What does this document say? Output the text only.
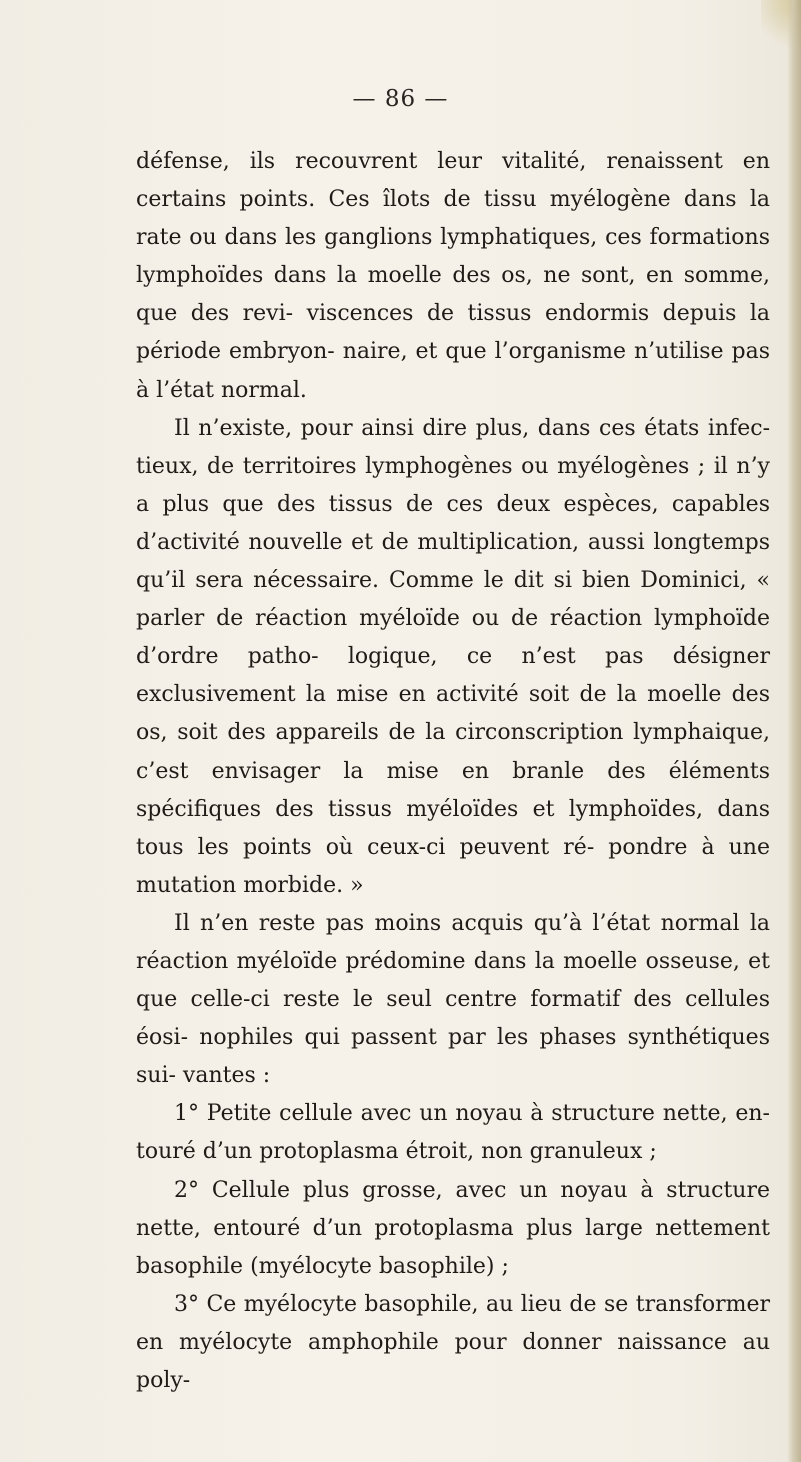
— 86 —

défense, ils recouvrent leur vitalité, renaissent en certains points. Ces îlots de tissu myélogène dans la rate ou dans les ganglions lymphatiques, ces formations lymphoïdes dans la moelle des os, ne sont, en somme, que des revi- viscences de tissus endormis depuis la période embryon- naire, et que l’organisme n’utilise pas à l’état normal.

Il n’existe, pour ainsi dire plus, dans ces états infec- tieux, de territoires lymphogènes ou myélogènes ; il n’y a plus que des tissus de ces deux espèces, capables d’activité nouvelle et de multiplication, aussi longtemps qu’il sera nécessaire. Comme le dit si bien Dominici, « parler de réaction myéloïde ou de réaction lymphoïde d’ordre patho- logique, ce n’est pas désigner exclusivement la mise en activité soit de la moelle des os, soit des appareils de la circonscription lymphaique, c’est envisager la mise en branle des éléments spécifiques des tissus myéloïdes et lymphoïdes, dans tous les points où ceux-ci peuvent ré- pondre à une mutation morbide. »

Il n’en reste pas moins acquis qu’à l’état normal la réaction myéloïde prédomine dans la moelle osseuse, et que celle-ci reste le seul centre formatif des cellules éosi- nophiles qui passent par les phases synthétiques sui- vantes :

1° Petite cellule avec un noyau à structure nette, en- touré d’un protoplasma étroit, non granuleux ;

2° Cellule plus grosse, avec un noyau à structure nette, entouré d’un protoplasma plus large nettement basophile (myélocyte basophile) ;

3° Ce myélocyte basophile, au lieu de se transformer en myélocyte amphophile pour donner naissance au poly-
